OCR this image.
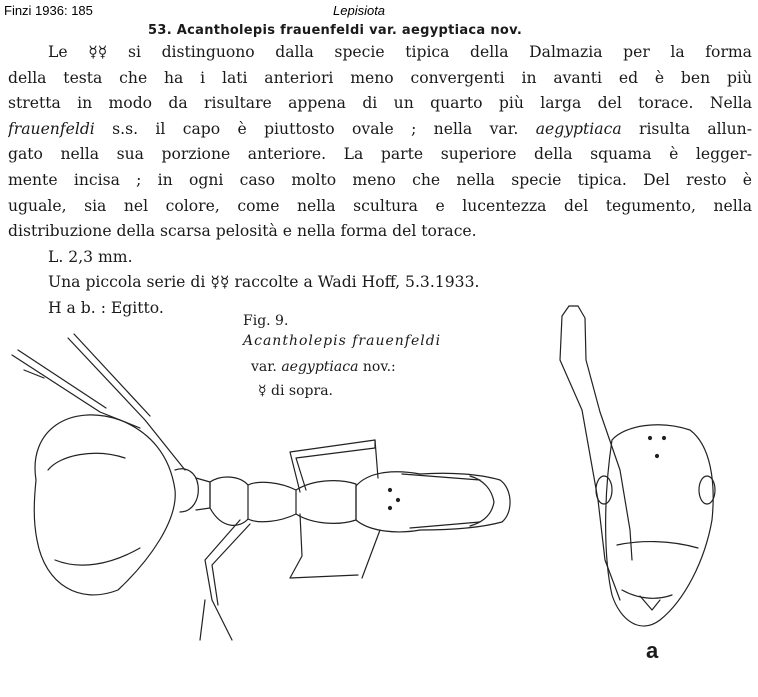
Finzi 1936: 185	Lepisiota
53. Acantholepis frauenfeldi var. aegyptiaca nov.
Le ☿☿ si distinguono dalla specie tipica della Dalmazia per la forma
della testa che ha i lati anteriori meno convergenti in avanti ed è ben più
stretta in modo da risultare appena di un quarto più larga del torace. Nella
frauenfeldi s.s. il capo è piuttosto ovale ; nella var. aegyptiaca risulta allun-
gato nella sua porzione anteriore. La parte superiore della squama è legger-
mente incisa ; in ogni caso molto meno che nella specie tipica. Del resto è
uguale, sia nel colore, come nella scultura e lucentezza del tegumento, nella
distribuzione della scarsa pelosità e nella forma del torace.
L. 2,3 mm.
Una piccola serie di ☿☿ raccolte a Wadi Hoff, 5.3.1933.
H a b. : Egitto.
Fig. 9.
Acantholepis frauenfeldi
var. aegyptiaca nov.:
☿ di sopra.
a
